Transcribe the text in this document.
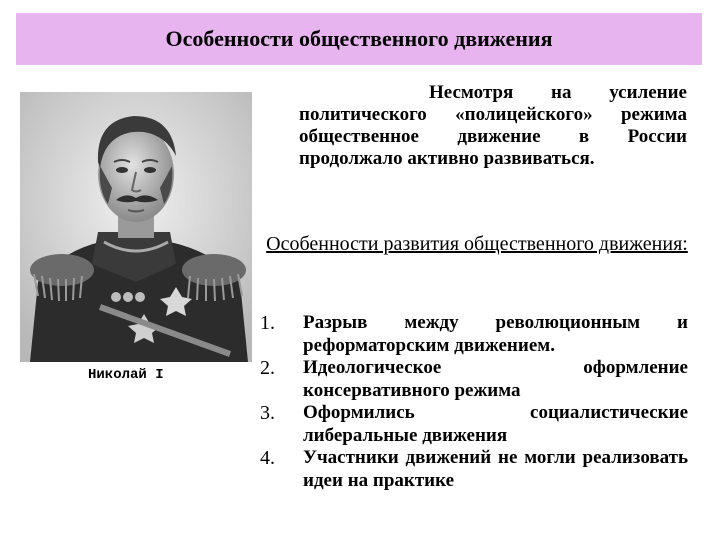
Особенности общественного движения
Николай I
Несмотря на усиление политического «полицейского» режима общественное движение в России продолжало активно развиваться.
Особенности развития общественного движения:
1. Разрыв между революционным и реформаторским движением.
2. Идеологическое оформление консервативного режима
3. Оформились социалистические либеральные движения
4. Участники движений не могли реализовать идеи на практике
